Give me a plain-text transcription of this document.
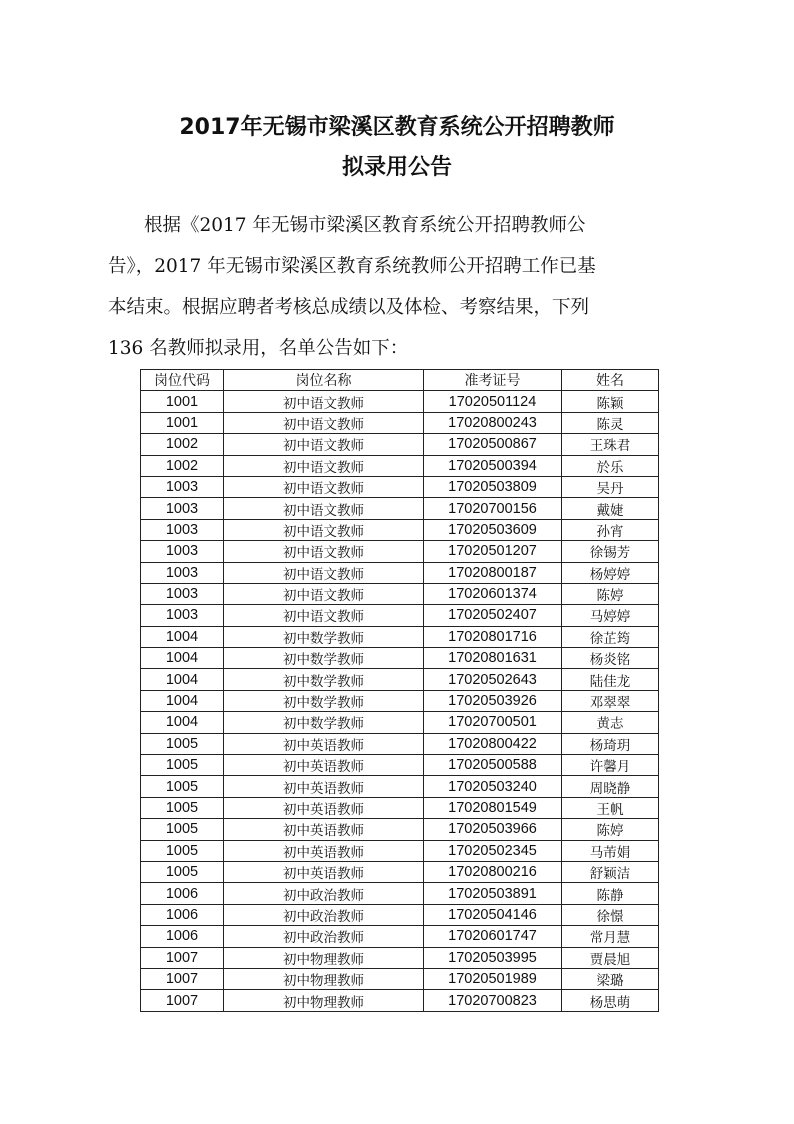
2017年无锡市梁溪区教育系统公开招聘教师
拟录用公告

根据《2017 年无锡市梁溪区教育系统公开招聘教师公

告》，2017 年无锡市梁溪区教育系统教师公开招聘工作已基

本结束。根据应聘者考核总成绩以及体检、考察结果，下列

136 名教师拟录用，名单公告如下：

岗位代码	岗位名称	准考证号	姓名
1001	初中语文教师	17020501124	陈颖
1001	初中语文教师	17020800243	陈灵
1002	初中语文教师	17020500867	王珠君
1002	初中语文教师	17020500394	於乐
1003	初中语文教师	17020503809	吴丹
1003	初中语文教师	17020700156	戴婕
1003	初中语文教师	17020503609	孙宵
1003	初中语文教师	17020501207	徐锡芳
1003	初中语文教师	17020800187	杨婷婷
1003	初中语文教师	17020601374	陈婷
1003	初中语文教师	17020502407	马婷婷
1004	初中数学教师	17020801716	徐芷筠
1004	初中数学教师	17020801631	杨炎铭
1004	初中数学教师	17020502643	陆佳龙
1004	初中数学教师	17020503926	邓翠翠
1004	初中数学教师	17020700501	黄志
1005	初中英语教师	17020800422	杨琦玥
1005	初中英语教师	17020500588	许馨月
1005	初中英语教师	17020503240	周晓静
1005	初中英语教师	17020801549	王帆
1005	初中英语教师	17020503966	陈婷
1005	初中英语教师	17020502345	马芾娟
1005	初中英语教师	17020800216	舒颖洁
1006	初中政治教师	17020503891	陈静
1006	初中政治教师	17020504146	徐憬
1006	初中政治教师	17020601747	常月慧
1007	初中物理教师	17020503995	贾晨旭
1007	初中物理教师	17020501989	梁璐
1007	初中物理教师	17020700823	杨思萌
